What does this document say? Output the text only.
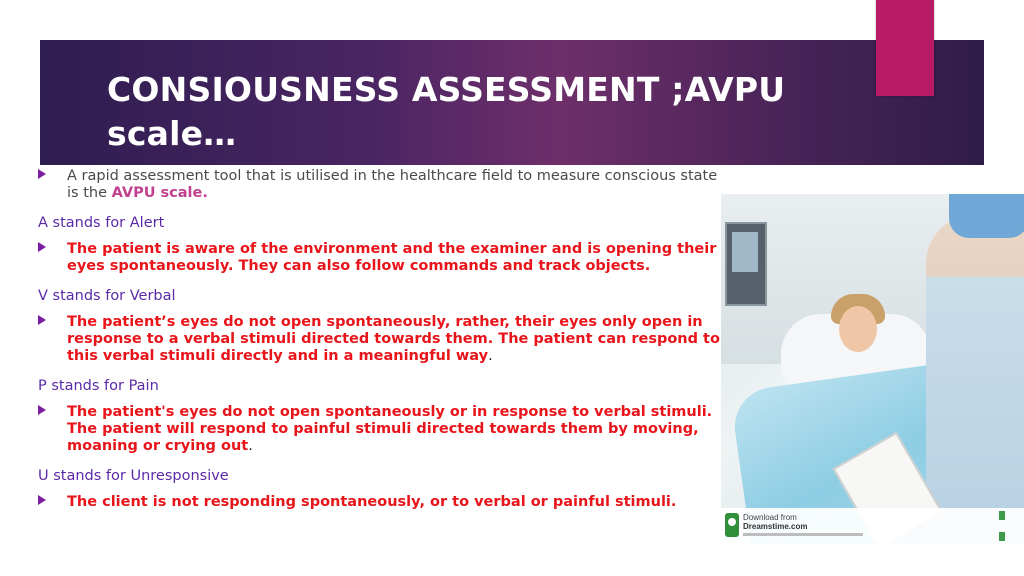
CONSIOUSNESS ASSESSMENT ;AVPU scale…
A rapid assessment tool that is utilised in the healthcare field to measure conscious state is the AVPU scale.
A stands for Alert
The patient is aware of the environment and the examiner and is opening their eyes spontaneously. They can also follow commands and track objects.
V stands for Verbal
The patient’s eyes do not open spontaneously, rather, their eyes only open in response to a verbal stimuli directed towards them. The patient can respond to this verbal stimuli directly and in a meaningful way.
P stands for Pain
The patient's eyes do not open spontaneously or in response to verbal stimuli. The patient will respond to painful stimuli directed towards them by moving, moaning or crying out.
U stands for Unresponsive
The client is not responding spontaneously, or to verbal or painful stimuli.
Download from
Dreamstime.com
